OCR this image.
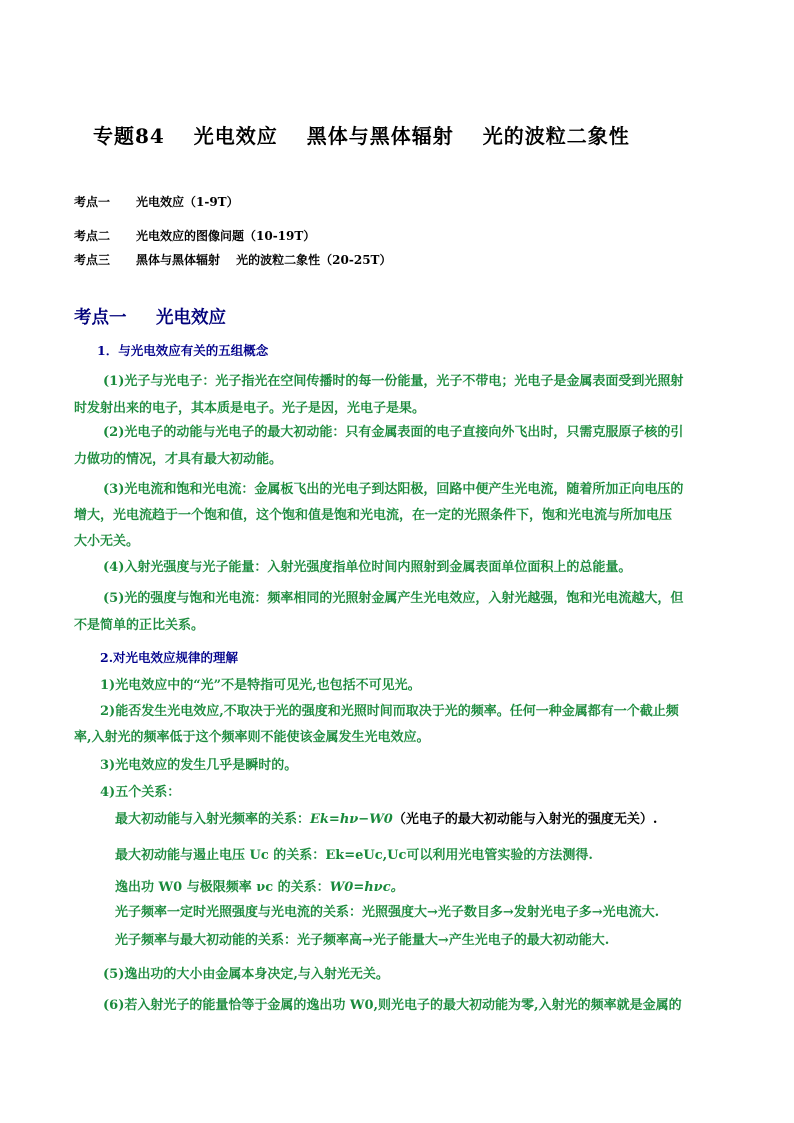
专题84　 光电效应　 黑体与黑体辐射　 光的波粒二象性
考点一 光电效应（1-9T）
考点二 光电效应的图像问题（10-19T）
考点三 黑体与黑体辐射　 光的波粒二象性（20-25T）
考点一 光电效应
1．与光电效应有关的五组概念
(1)光子与光电子：光子指光在空间传播时的每一份能量，光子不带电；光电子是金属表面受到光照射
时发射出来的电子，其本质是电子。光子是因，光电子是果。
(2)光电子的动能与光电子的最大初动能：只有金属表面的电子直接向外飞出时，只需克服原子核的引
力做功的情况，才具有最大初动能。
(3)光电流和饱和光电流：金属板飞出的光电子到达阳极，回路中便产生光电流，随着所加正向电压的
增大，光电流趋于一个饱和值，这个饱和值是饱和光电流，在一定的光照条件下，饱和光电流与所加电压
大小无关。
(4)入射光强度与光子能量：入射光强度指单位时间内照射到金属表面单位面积上的总能量。
(5)光的强度与饱和光电流：频率相同的光照射金属产生光电效应，入射光越强，饱和光电流越大，但
不是简单的正比关系。
2.对光电效应规律的理解
1)光电效应中的“光”不是特指可见光,也包括不可见光。
2)能否发生光电效应,不取决于光的强度和光照时间而取决于光的频率。任何一种金属都有一个截止频
率,入射光的频率低于这个频率则不能使该金属发生光电效应。
3)光电效应的发生几乎是瞬时的。
4)五个关系：
最大初动能与入射光频率的关系：Ek=hν−W0（光电子的最大初动能与入射光的强度无关）.
最大初动能与遏止电压 Uc 的关系：Ek=eUc,Uc可以利用光电管实验的方法测得.
逸出功 W0 与极限频率 νc 的关系：W0=hνc。
光子频率一定时光照强度与光电流的关系：光照强度大→光子数目多→发射光电子多→光电流大.
光子频率与最大初动能的关系：光子频率高→光子能量大→产生光电子的最大初动能大.
(5)逸出功的大小由金属本身决定,与入射光无关。
(6)若入射光子的能量恰等于金属的逸出功 W0,则光电子的最大初动能为零,入射光的频率就是金属的
